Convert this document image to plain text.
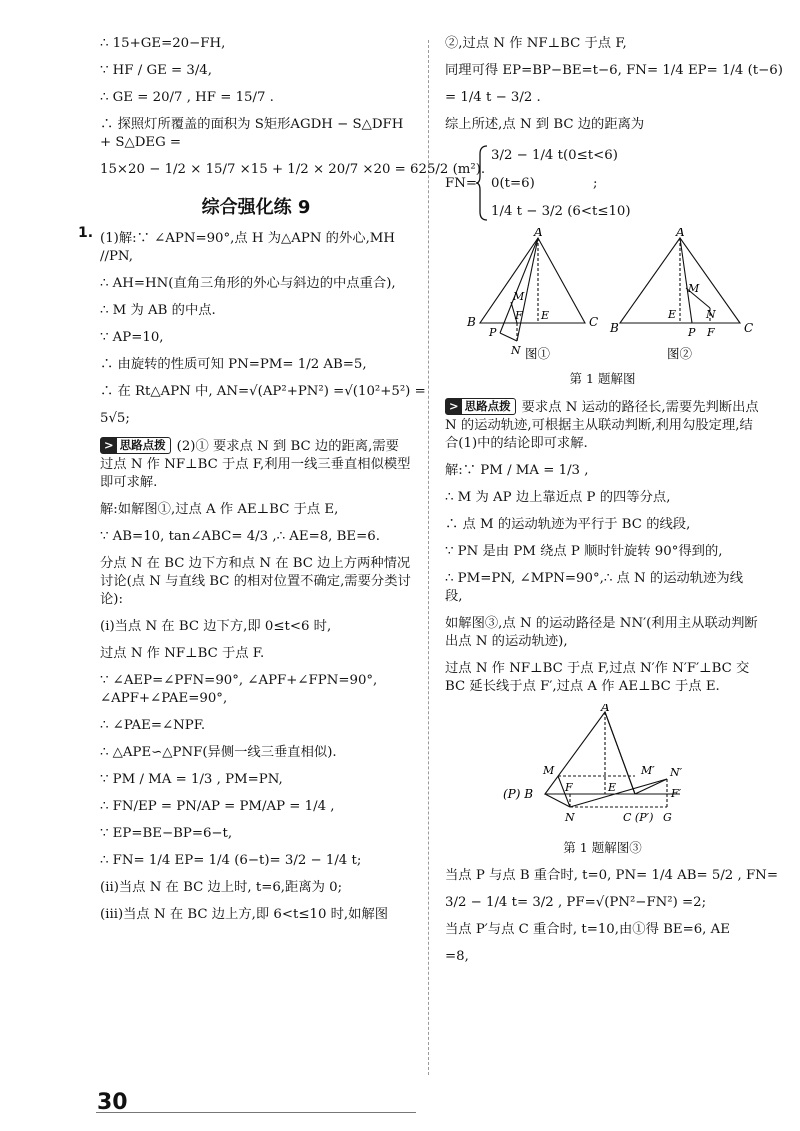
∴ 15+GE=20−FH,

∵ HF / GE = 3/4,

∴ GE = 20/7 , HF = 15/7 .

∴ 探照灯所覆盖的面积为 S矩形AGDH − S△DFH + S△DEG =

15×20 − 1/2 × 15/7 ×15 + 1/2 × 20/7 ×20 = 625/2 (m²).

综合强化练 9
1. (1)解:∵ ∠APN=90°,点 H 为△APN 的外心,MH //PN,

∴ AH=HN(直角三角形的外心与斜边的中点重合),

∴ M 为 AB 的中点.

∵ AP=10,

∴ 由旋转的性质可知 PN=PM= 1/2 AB=5,

∴ 在 Rt△APN 中, AN=√(AP²+PN²) =√(10²+5²) =

5√5;

> 思路点拨 (2)① 要求点 N 到 BC 边的距离,需要过点 N 作 NF⊥BC 于点 F,利用一线三垂直相似模型即可求解.

解:如解图①,过点 A 作 AE⊥BC 于点 E,

∵ AB=10, tan∠ABC= 4/3 ,∴ AE=8, BE=6.

分点 N 在 BC 边下方和点 N 在 BC 边上方两种情况讨论(点 N 与直线 BC 的相对位置不确定,需要分类讨论):

(ⅰ)当点 N 在 BC 边下方,即 0≤t<6 时,

过点 N 作 NF⊥BC 于点 F.

∵ ∠AEP=∠PFN=90°, ∠APF+∠FPN=90°, ∠APF+∠PAE=90°,

∴ ∠PAE=∠NPF.

∴ △APE∽△PNF(异侧一线三垂直相似).

∵ PM / MA = 1/3 , PM=PN,

∴ FN/EP = PN/AP = PM/AP = 1/4 ,

∵ EP=BE−BP=6−t,

∴ FN= 1/4 EP= 1/4 (6−t)= 3/2 − 1/4 t;

(ⅱ)当点 N 在 BC 边上时, t=6,距离为 0;

(ⅲ)当点 N 在 BC 边上方,即 6<t≤10 时,如解图

②,过点 N 作 NF⊥BC 于点 F,

同理可得 EP=BP−BE=t−6, FN= 1/4 EP= 1/4 (t−6)

= 1/4 t − 3/2 .

综上所述,点 N 到 BC 边的距离为

FN=
3/2 − 1/4 t(0≤t<6)
0(t=6)
1/4 t − 3/2 (6<t≤10)
;
A
M
F E
B
P
N
C
A
M
E
P
N
F
B	C
图①	图②
第 1 题解图

> 思路点拨 要求点 N 运动的路径长,需要先判断出点 N 的运动轨迹,可根据主从联动判断,利用勾股定理,结合(1)中的结论即可求解.

解:∵ PM / MA = 1/3 ,

∴ M 为 AP 边上靠近点 P 的四等分点,

∴ 点 M 的运动轨迹为平行于 BC 的线段,

∵ PN 是由 PM 绕点 P 顺时针旋转 90°得到的,

∴ PM=PN, ∠MPN=90°,∴ 点 N 的运动轨迹为线段,

如解图③,点 N 的运动路径是 NN′(利用主从联动判断出点 N 的运动轨迹),

过点 N 作 NF⊥BC 于点 F,过点 N′作 N′F′⊥BC 交 BC 延长线于点 F′,过点 A 作 AE⊥BC 于点 E.

A
M	M′ N′
(P) B	F	E	F′
N	C (P′) G
第 1 题解图③

当点 P 与点 B 重合时, t=0, PN= 1/4 AB= 5/2 , FN=

3/2 − 1/4 t= 3/2 , PF=√(PN²−FN²) =2;

当点 P′与点 C 重合时, t=10,由①得 BE=6, AE

=8,

30
